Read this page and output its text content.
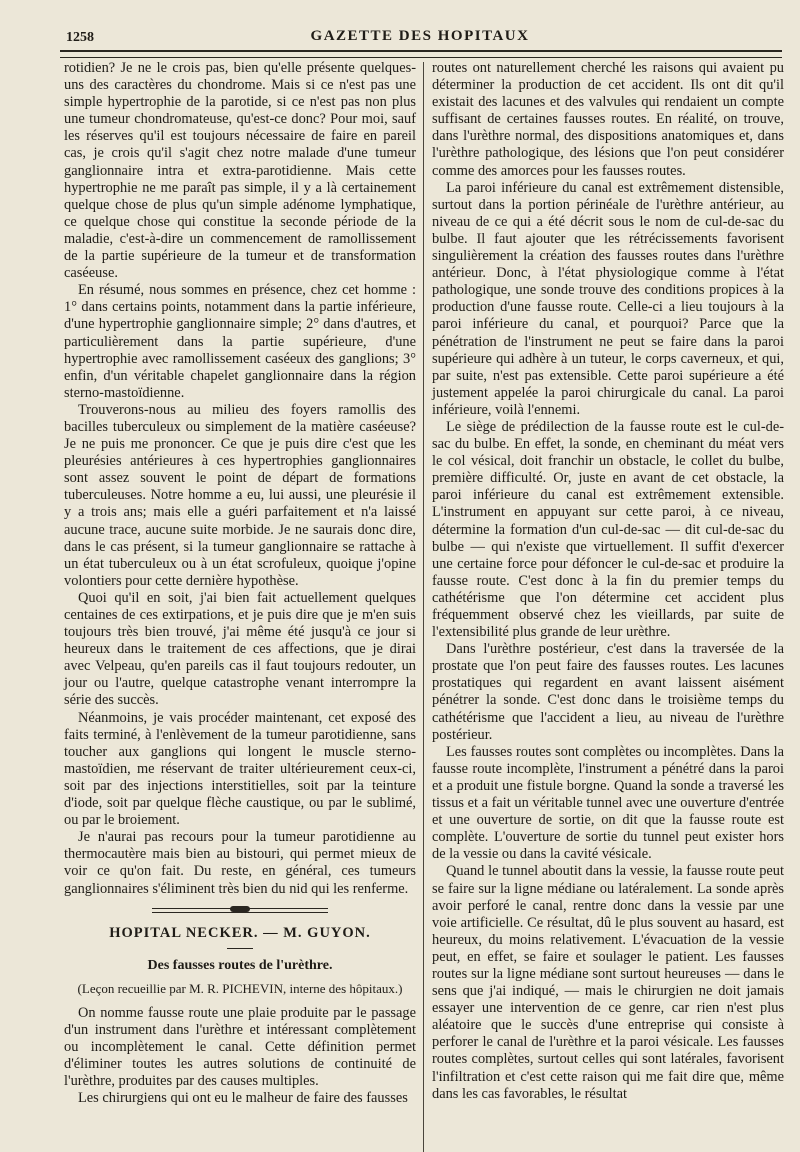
1258	GAZETTE DES HOPITAUX

rotidien? Je ne le crois pas, bien qu'elle présente quelques-uns des caractères du chondrome. Mais si ce n'est pas une simple hypertrophie de la parotide, si ce n'est pas non plus une tumeur chondromateuse, qu'est-ce donc? Pour moi, sauf les réserves qu'il est toujours nécessaire de faire en pareil cas, je crois qu'il s'agit chez notre malade d'une tumeur ganglionnaire intra et extra-parotidienne. Mais cette hypertrophie ne me paraît pas simple, il y a là certainement quelque chose de plus qu'un simple adénome lymphatique, ce quelque chose qui constitue la seconde période de la maladie, c'est-à-dire un commencement de ramollissement de la partie supérieure de la tumeur et de transformation caséeuse.

En résumé, nous sommes en présence, chez cet homme : 1° dans certains points, notamment dans la partie inférieure, d'une hypertrophie ganglionnaire simple; 2° dans d'autres, et particulièrement dans la partie supérieure, d'une hypertrophie avec ramollissement caséeux des ganglions; 3° enfin, d'un véritable chapelet ganglionnaire dans la région sterno-mastoïdienne.

Trouverons-nous au milieu des foyers ramollis des bacilles tuberculeux ou simplement de la matière caséeuse? Je ne puis me prononcer. Ce que je puis dire c'est que les pleurésies antérieures à ces hypertrophies ganglionnaires sont assez souvent le point de départ de formations tuberculeuses. Notre homme a eu, lui aussi, une pleurésie il y a trois ans; mais elle a guéri parfaitement et n'a laissé aucune trace, aucune suite morbide. Je ne saurais donc dire, dans le cas présent, si la tumeur ganglionnaire se rattache à un état tuberculeux ou à un état scrofuleux, quoique j'opine volontiers pour cette dernière hypothèse.

Quoi qu'il en soit, j'ai bien fait actuellement quelques centaines de ces extirpations, et je puis dire que je m'en suis toujours très bien trouvé, j'ai même été jusqu'à ce jour si heureux dans le traitement de ces affections, que je dirai avec Velpeau, qu'en pareils cas il faut toujours redouter, un jour ou l'autre, quelque catastrophe venant interrompre la série des succès.

Néanmoins, je vais procéder maintenant, cet exposé des faits terminé, à l'enlèvement de la tumeur parotidienne, sans toucher aux ganglions qui longent le muscle sterno-mastoïdien, me réservant de traiter ultérieurement ceux-ci, soit par des injections interstitielles, soit par la teinture d'iode, soit par quelque flèche caustique, ou par le sublimé, ou par le broiement.

Je n'aurai pas recours pour la tumeur parotidienne au thermocautère mais bien au bistouri, qui permet mieux de voir ce qu'on fait. Du reste, en général, ces tumeurs ganglionnaires s'éliminent très bien du nid qui les renferme.

HOPITAL NECKER. — M. GUYON.
Des fausses routes de l'urèthre.
(Leçon recueillie par M. R. PICHEVIN, interne des hôpitaux.)

On nomme fausse route une plaie produite par le passage d'un instrument dans l'urèthre et intéressant complètement ou incomplètement le canal. Cette définition permet d'éliminer toutes les autres solutions de continuité de l'urèthre, produites par des causes multiples.

Les chirurgiens qui ont eu le malheur de faire des fausses

routes ont naturellement cherché les raisons qui avaient pu déterminer la production de cet accident. Ils ont dit qu'il existait des lacunes et des valvules qui rendaient un compte suffisant de certaines fausses routes. En réalité, on trouve, dans l'urèthre normal, des dispositions anatomiques et, dans l'urèthre pathologique, des lésions que l'on peut considérer comme des amorces pour les fausses routes.

La paroi inférieure du canal est extrêmement distensible, surtout dans la portion périnéale de l'urèthre antérieur, au niveau de ce qui a été décrit sous le nom de cul-de-sac du bulbe. Il faut ajouter que les rétrécissements favorisent singulièrement la création des fausses routes dans l'urèthre antérieur. Donc, à l'état physiologique comme à l'état pathologique, une sonde trouve des conditions propices à la production d'une fausse route. Celle-ci a lieu toujours à la paroi inférieure du canal, et pourquoi? Parce que la pénétration de l'instrument ne peut se faire dans la paroi supérieure qui adhère à un tuteur, le corps caverneux, et qui, par suite, n'est pas extensible. Cette paroi supérieure a été justement appelée la paroi chirurgicale du canal. La paroi inférieure, voilà l'ennemi.

Le siège de prédilection de la fausse route est le cul-de-sac du bulbe. En effet, la sonde, en cheminant du méat vers le col vésical, doit franchir un obstacle, le collet du bulbe, première difficulté. Or, juste en avant de cet obstacle, la paroi inférieure du canal est extrêmement extensible. L'instrument en appuyant sur cette paroi, à ce niveau, détermine la formation d'un cul-de-sac — dit cul-de-sac du bulbe — qui n'existe que virtuellement. Il suffit d'exercer une certaine force pour défoncer le cul-de-sac et produire la fausse route. C'est donc à la fin du premier temps du cathétérisme que l'on détermine cet accident plus fréquemment observé chez les vieillards, par suite de l'extensibilité plus grande de leur urèthre.

Dans l'urèthre postérieur, c'est dans la traversée de la prostate que l'on peut faire des fausses routes. Les lacunes prostatiques qui regardent en avant laissent aisément pénétrer la sonde. C'est donc dans le troisième temps du cathétérisme que l'accident a lieu, au niveau de l'urèthre postérieur.

Les fausses routes sont complètes ou incomplètes. Dans la fausse route incomplète, l'instrument a pénétré dans la paroi et a produit une fistule borgne. Quand la sonde a traversé les tissus et a fait un véritable tunnel avec une ouverture d'entrée et une ouverture de sortie, on dit que la fausse route est complète. L'ouverture de sortie du tunnel peut exister hors de la vessie ou dans la cavité vésicale.

Quand le tunnel aboutit dans la vessie, la fausse route peut se faire sur la ligne médiane ou latéralement. La sonde après avoir perforé le canal, rentre donc dans la vessie par une voie artificielle. Ce résultat, dû le plus souvent au hasard, est heureux, du moins relativement. L'évacuation de la vessie peut, en effet, se faire et soulager le patient. Les fausses routes sur la ligne médiane sont surtout heureuses — dans le sens que j'ai indiqué, — mais le chirurgien ne doit jamais essayer une intervention de ce genre, car rien n'est plus aléatoire que le succès d'une entreprise qui consiste à perforer le canal de l'urèthre et la paroi vésicale. Les fausses routes complètes, surtout celles qui sont latérales, favorisent l'infiltration et c'est cette raison qui me fait dire que, même dans les cas favorables, le résultat
